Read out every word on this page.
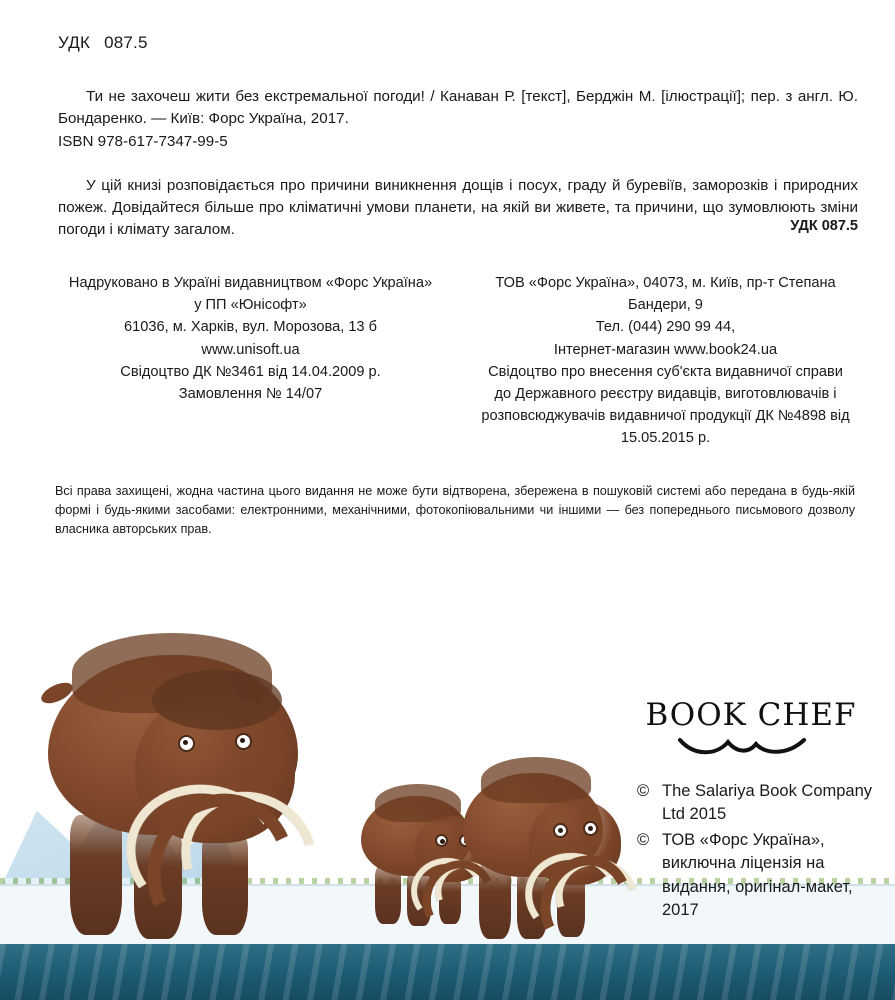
УДК 087.5

Ти не захочеш жити без екстремальної погоди! / Канаван Р. [текст], Берджін М. [ілюстрації]; пер. з англ. Ю. Бондаренко. — Київ: Форс Україна, 2017.

ISBN 978-617-7347-99-5

У цій книзі розповідається про причини виникнення дощів і посух, граду й буревіїв, заморозків і природних пожеж. Довідайтеся більше про кліматичні умови планети, на якій ви живете, та причини, що зумовлюють зміни погоди і клімату загалом.	УДК 087.5
Надруковано в Україні видавництвом «Форс Україна»
у ПП «Юнісофт»
61036, м. Харків, вул. Морозова, 13 б
www.unisoft.ua
Свідоцтво ДК №3461 від 14.04.2009 р.
Замовлення № 14/07
ТОВ «Форс Україна», 04073, м. Київ, пр-т Степана Бандери, 9
Тел. (044) 290 99 44,
Інтернет-магазин www.book24.ua
Свідоцтво про внесення суб'єкта видавничої справи
до Державного реєстру видавців, виготовлювачів і
розповсюджувачів видавничої продукції ДК №4898 від
15.05.2015 р.
Всі права захищені, жодна частина цього видання не може бути відтворена, збережена в пошуковій системі або передана в будь-якій формі і будь-якими засобами: електронними, механічними, фотокопіювальними чи іншими — без попереднього письмового дозволу власника авторських прав.
BOOK CHEF
© The Salariya Book Company Ltd 2015
© ТОВ «Форс Україна», виключна ліцензія на видання, оригінал-макет, 2017
